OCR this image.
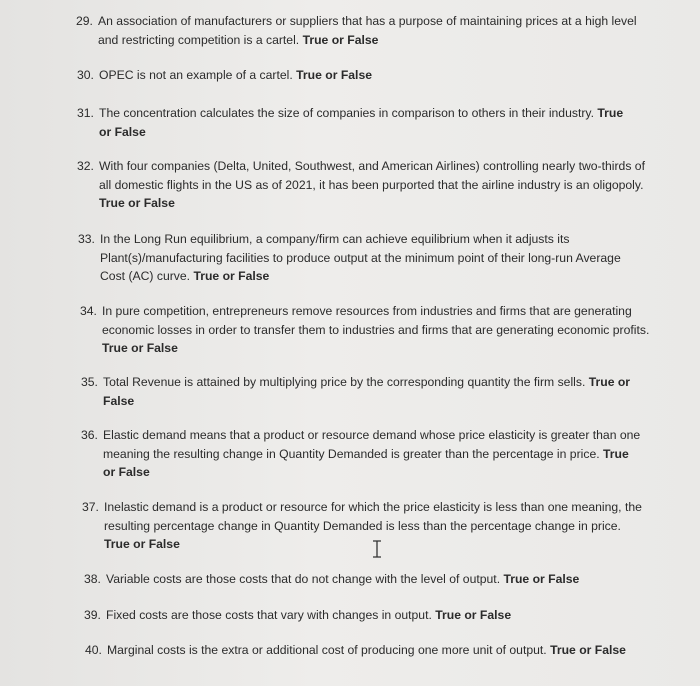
29. An association of manufacturers or suppliers that has a purpose of maintaining prices at a high level and restricting competition is a cartel. True or False
30. OPEC is not an example of a cartel. True or False
31. The concentration calculates the size of companies in comparison to others in their industry. True or False
32. With four companies (Delta, United, Southwest, and American Airlines) controlling nearly two-thirds of all domestic flights in the US as of 2021, it has been purported that the airline industry is an oligopoly. True or False
33. In the Long Run equilibrium, a company/firm can achieve equilibrium when it adjusts its Plant(s)/manufacturing facilities to produce output at the minimum point of their long-run Average Cost (AC) curve. True or False
34. In pure competition, entrepreneurs remove resources from industries and firms that are generating economic losses in order to transfer them to industries and firms that are generating economic profits. True or False
35. Total Revenue is attained by multiplying price by the corresponding quantity the firm sells. True or False
36. Elastic demand means that a product or resource demand whose price elasticity is greater than one meaning the resulting change in Quantity Demanded is greater than the percentage in price. True or False
37. Inelastic demand is a product or resource for which the price elasticity is less than one meaning, the resulting percentage change in Quantity Demanded is less than the percentage change in price. True or False
38. Variable costs are those costs that do not change with the level of output. True or False
39. Fixed costs are those costs that vary with changes in output. True or False
40. Marginal costs is the extra or additional cost of producing one more unit of output. True or False
